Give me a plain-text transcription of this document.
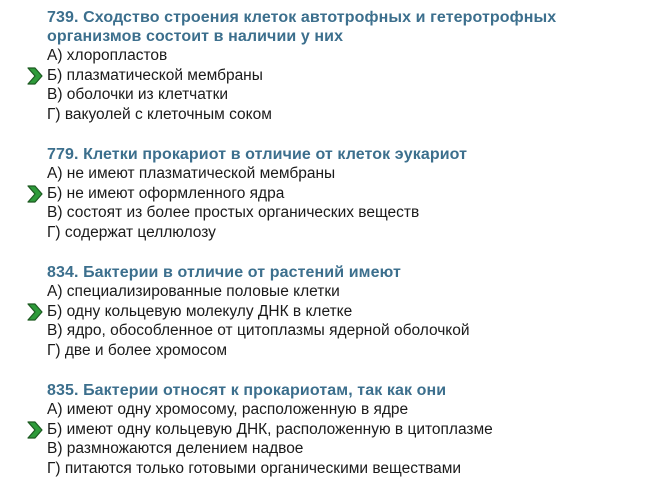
739. Сходство строения клеток автотрофных и гетеротрофных

организмов состоит в наличии у них

А) хлоропластов

Б) плазматической мембраны

В) оболочки из клетчатки

Г) вакуолей с клеточным соком

779. Клетки прокариот в отличие от клеток эукариот

А) не имеют плазматической мембраны

Б) не имеют оформленного ядра

В) состоят из более простых органических веществ

Г) содержат целлюлозу

834. Бактерии в отличие от растений имеют

А) специализированные половые клетки

Б) одну кольцевую молекулу ДНК в клетке

В) ядро, обособленное от цитоплазмы ядерной оболочкой

Г) две и более хромосом

835. Бактерии относят к прокариотам, так как они

А) имеют одну хромосому, расположенную в ядре

Б) имеют одну кольцевую ДНК, расположенную в цитоплазме

В) размножаются делением надвое

Г) питаются только готовыми органическими веществами
